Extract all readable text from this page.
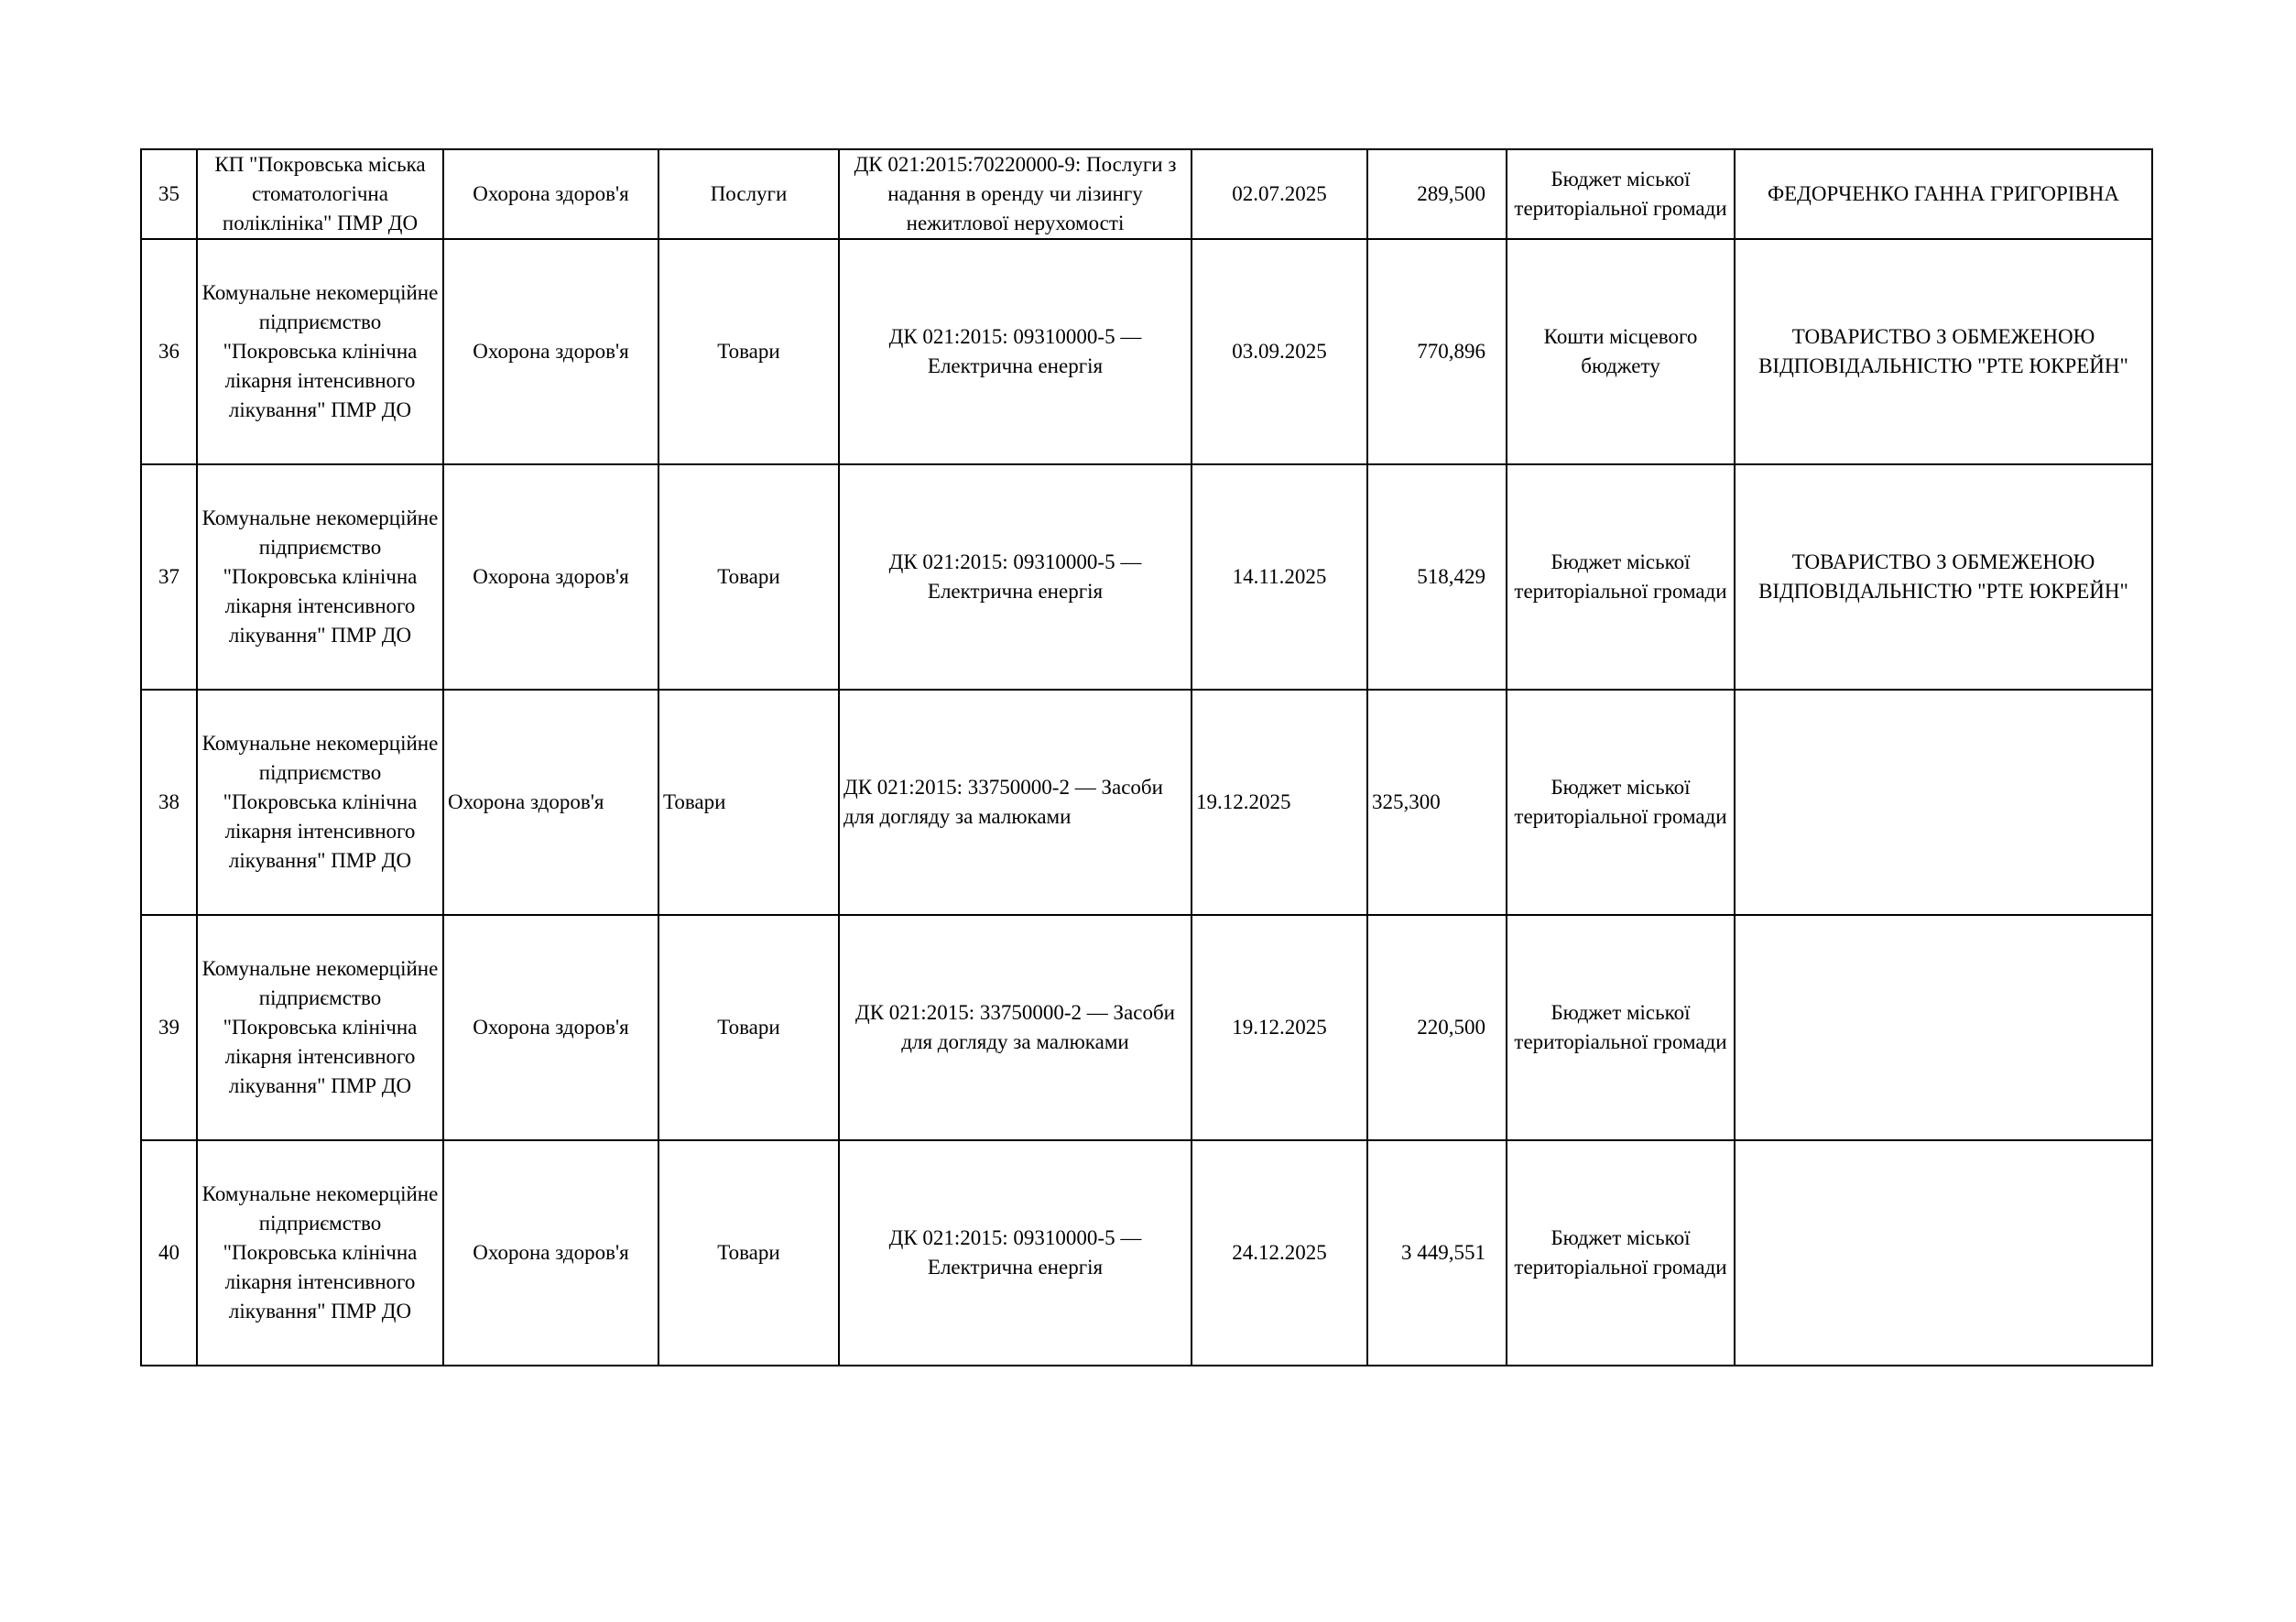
35	КП "Покровська міська стоматологічна поліклініка" ПМР ДО	Охорона здоров'я	Послуги	ДК 021:2015:70220000-9: Послуги з надання в оренду чи лізингу нежитлової нерухомості	02.07.2025	289,500	Бюджет міської територіальної громади	ФЕДОРЧЕНКО ГАННА ГРИГОРІВНА
36	Комунальне некомерційне підприємство "Покровська клінічна лікарня інтенсивного лікування" ПМР ДО	Охорона здоров'я	Товари	ДК 021:2015: 09310000-5 — Електрична енергія	03.09.2025	770,896	Кошти місцевого бюджету	ТОВАРИСТВО З ОБМЕЖЕНОЮ ВІДПОВІДАЛЬНІСТЮ "РТЕ ЮКРЕЙН"
37	Комунальне некомерційне підприємство "Покровська клінічна лікарня інтенсивного лікування" ПМР ДО	Охорона здоров'я	Товари	ДК 021:2015: 09310000-5 — Електрична енергія	14.11.2025	518,429	Бюджет міської територіальної громади	ТОВАРИСТВО З ОБМЕЖЕНОЮ ВІДПОВІДАЛЬНІСТЮ "РТЕ ЮКРЕЙН"
38	Комунальне некомерційне підприємство "Покровська клінічна лікарня інтенсивного лікування" ПМР ДО	Охорона здоров'я	Товари	ДК 021:2015: 33750000-2 — Засоби для догляду за малюками	19.12.2025	325,300	Бюджет міської територіальної громади	
39	Комунальне некомерційне підприємство "Покровська клінічна лікарня інтенсивного лікування" ПМР ДО	Охорона здоров'я	Товари	ДК 021:2015: 33750000-2 — Засоби для догляду за малюками	19.12.2025	220,500	Бюджет міської територіальної громади	
40	Комунальне некомерційне підприємство "Покровська клінічна лікарня інтенсивного лікування" ПМР ДО	Охорона здоров'я	Товари	ДК 021:2015: 09310000-5 — Електрична енергія	24.12.2025	3 449,551	Бюджет міської територіальної громади	
